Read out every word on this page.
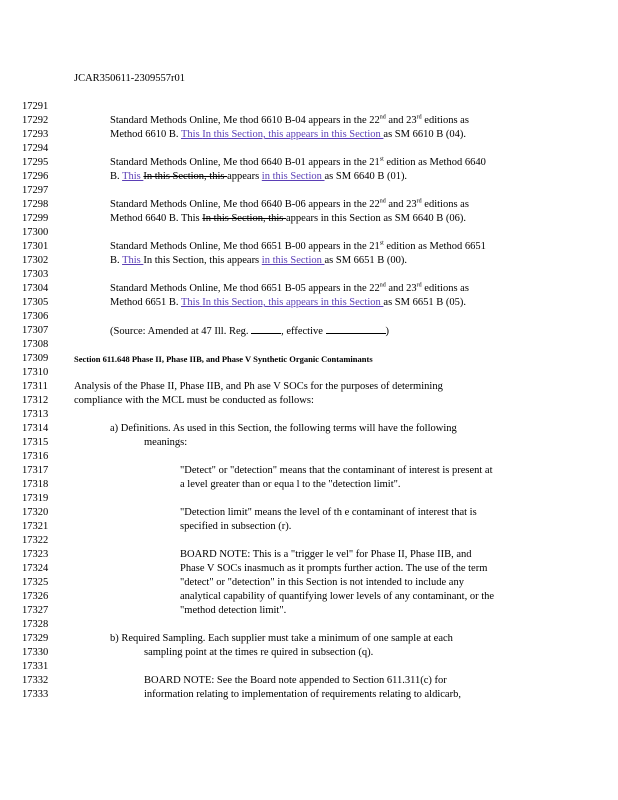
JCAR350611-2309557r01
17291
17292	Standard Methods Online, Me thod 6610 B-04 appears in the 22nd and 23rd editions as
17293	Method 6610 B. This In this Section, this appears in this Section as SM 6610 B (04).
17294
17295	Standard Methods Online, Me thod 6640 B-01 appears in the 21st edition as Method 6640
17296	B. This In this Section, this appears in this Section as SM 6640 B (01).
17297
17298	Standard Methods Online, Me thod 6640 B-06 appears in the 22nd and 23rd editions as
17299	Method 6640 B. This In this Section, this appears in this Section as SM 6640 B (06).
17300
17301	Standard Methods Online, Me thod 6651 B-00 appears in the 21st edition as Method 6651
17302	B. This In this Section, this appears in this Section as SM 6651 B (00).
17303
17304	Standard Methods Online, Me thod 6651 B-05 appears in the 22nd and 23rd editions as
17305	Method 6651 B. This In this Section, this appears in this Section as SM 6651 B (05).
17306
17307	(Source: Amended at 47 Ill. Reg.	, effective	)
17308
17309	Section 611.648 Phase II, Phase IIB, and Phase V Synthetic Organic Contaminants
17310
17311	Analysis of the Phase II, Phase IIB, and Ph ase V SOCs for the purposes of determining
17312	compliance with the MCL must be conducted as follows:
17313
17314	a) Definitions. As used in this Section, the following terms will have the following
17315	meanings:
17316
17317	"Detect" or "detection" means that the contaminant of interest is present at
17318	a level greater than or equa l to the "detection limit".
17319
17320	"Detection limit" means the level of th e contaminant of interest that is
17321	specified in subsection (r).
17322
17323	BOARD NOTE: This is a "trigger le vel" for Phase II, Phase IIB, and
17324	Phase V SOCs inasmuch as it prompts further action. The use of the term
17325	"detect" or "detection" in this Section is not intended to include any
17326	analytical capability of quantifying lower levels of any contaminant, or the
17327	"method detection limit".
17328
17329	b) Required Sampling. Each supplier must take a minimum of one sample at each
17330	sampling point at the times re quired in subsection (q).
17331
17332	BOARD NOTE: See the Board note appended to Section 611.311(c) for
17333	information relating to implementation of requirements relating to aldicarb,
